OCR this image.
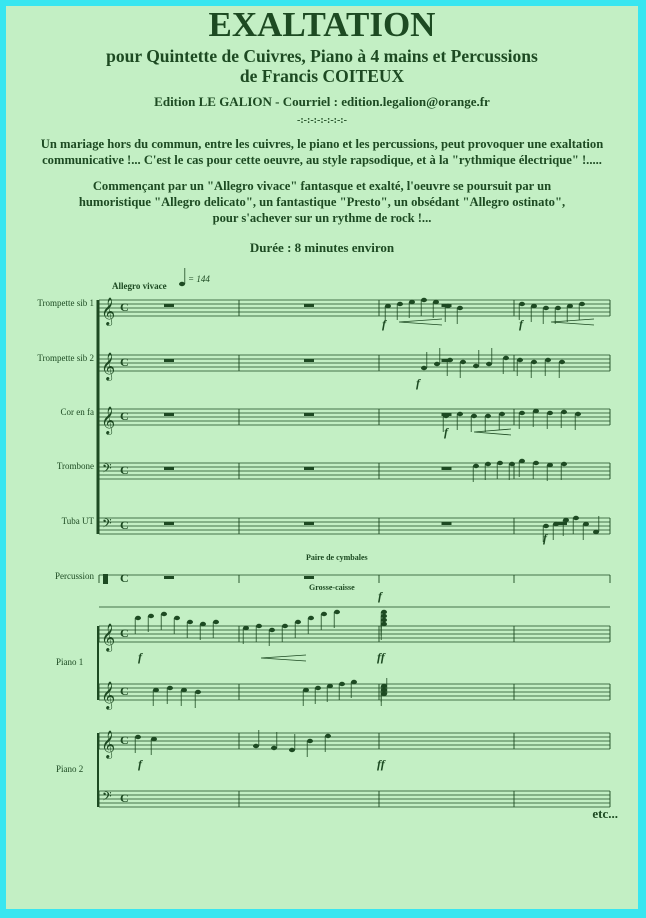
EXALTATION
pour Quintette de Cuivres, Piano à 4 mains et Percussions
de Francis COITEUX
Edition LE GALION - Courriel : edition.legalion@orange.fr
-:-:-:-:-:-:-:-
Un mariage hors du commun, entre les cuivres, le piano et les percussions, peut provoquer une exaltation
communicative !... C'est le cas pour cette oeuvre, au style rapsodique, et à la "rythmique électrique" !.....
Commençant par un "Allegro vivace" fantasque et exalté, l'oeuvre se poursuit par un
humoristique "Allegro delicato", un fantastique "Presto", un obsédant "Allegro ostinato",
pour s'achever sur un rythme de rock !...
Durée : 8 minutes environ
𝄞 C
Trompette sib 1
𝄞 C
Trompette sib 2
𝄞 C
Cor en fa
𝄢 C
Trombone
𝄢 C
Tuba UT
C
Percussion
𝄞 C
𝄞 C
𝄞 C
𝄢 C
Piano 1
Piano 2
f	f
f
f
f
f
f	ff
f	ff
Allegro vivace
= 144
Paire de cymbales
Grosse-caisse
etc...
